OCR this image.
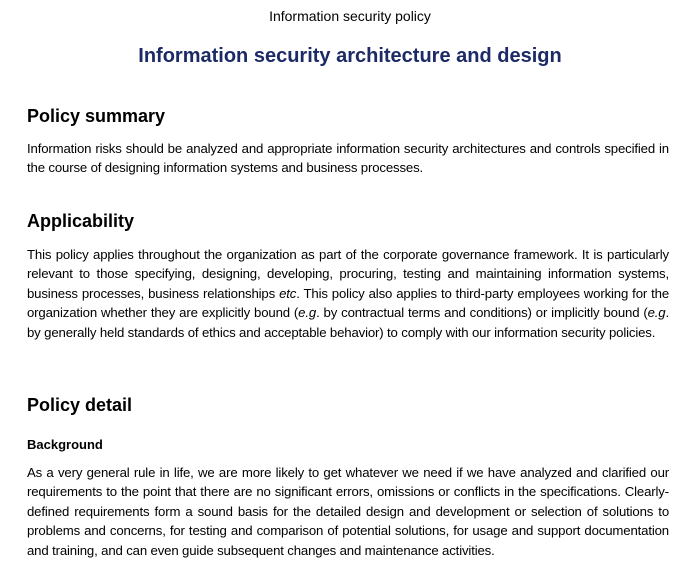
Information security policy
Information security architecture and design
Policy summary

Information risks should be analyzed and appropriate information security architectures and controls specified in the course of designing information systems and business processes.

Applicability

This policy applies throughout the organization as part of the corporate governance framework. It is particularly relevant to those specifying, designing, developing, procuring, testing and maintaining information systems, business processes, business relationships etc. This policy also applies to third-party employees working for the organization whether they are explicitly bound (e.g. by contractual terms and conditions) or implicitly bound (e.g. by generally held standards of ethics and acceptable behavior) to comply with our information security policies.

Policy detail
Background

As a very general rule in life, we are more likely to get whatever we need if we have analyzed and clarified our requirements to the point that there are no significant errors, omissions or conflicts in the specifications. Clearly-defined requirements form a sound basis for the detailed design and development or selection of solutions to problems and concerns, for testing and comparison of potential solutions, for usage and support documentation and training, and can even guide subsequent changes and maintenance activities.
